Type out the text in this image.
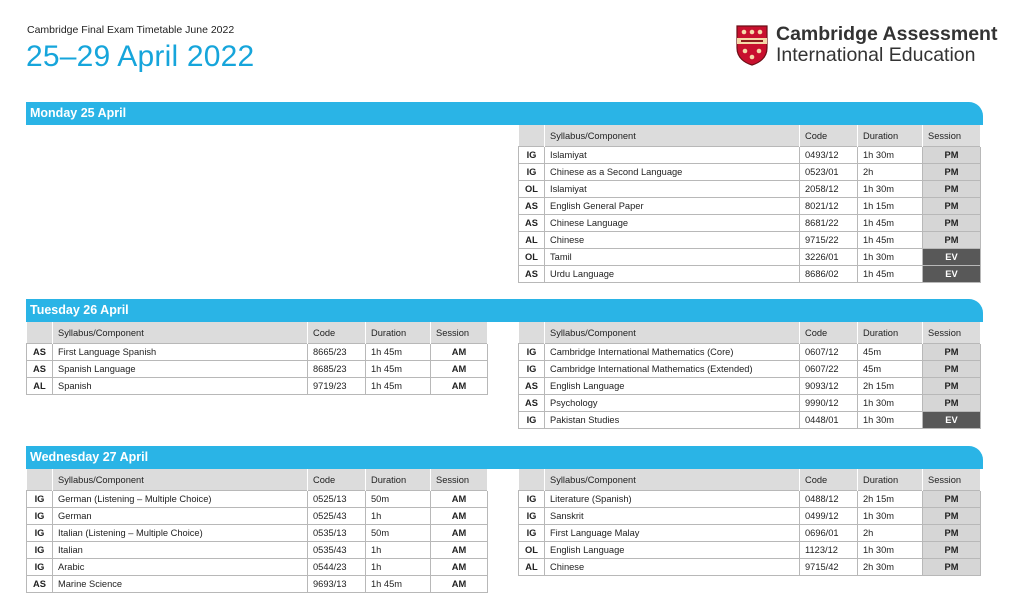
Cambridge Final Exam Timetable June 2022
25–29 April 2022
Cambridge Assessment
International Education
Monday 25 April
	Syllabus/Component	Code	Duration	Session
IG	Islamiyat	0493/12	1h 30m	PM
IG	Chinese as a Second Language	0523/01	2h	PM
OL	Islamiyat	2058/12	1h 30m	PM
AS	English General Paper	8021/12	1h 15m	PM
AS	Chinese Language	8681/22	1h 45m	PM
AL	Chinese	9715/22	1h 45m	PM
OL	Tamil	3226/01	1h 30m	EV
AS	Urdu Language	8686/02	1h 45m	EV
Tuesday 26 April
	Syllabus/Component	Code	Duration	Session
AS	First Language Spanish	8665/23	1h 45m	AM
AS	Spanish Language	8685/23	1h 45m	AM
AL	Spanish	9719/23	1h 45m	AM
	Syllabus/Component	Code	Duration	Session
IG	Cambridge International Mathematics (Core)	0607/12	45m	PM
IG	Cambridge International Mathematics (Extended)	0607/22	45m	PM
AS	English Language	9093/12	2h 15m	PM
AS	Psychology	9990/12	1h 30m	PM
IG	Pakistan Studies	0448/01	1h 30m	EV
Wednesday 27 April
	Syllabus/Component	Code	Duration	Session
IG	German (Listening – Multiple Choice)	0525/13	50m	AM
IG	German	0525/43	1h	AM
IG	Italian (Listening – Multiple Choice)	0535/13	50m	AM
IG	Italian	0535/43	1h	AM
IG	Arabic	0544/23	1h	AM
AS	Marine Science	9693/13	1h 45m	AM
	Syllabus/Component	Code	Duration	Session
IG	Literature (Spanish)	0488/12	2h 15m	PM
IG	Sanskrit	0499/12	1h 30m	PM
IG	First Language Malay	0696/01	2h	PM
OL	English Language	1123/12	1h 30m	PM
AL	Chinese	9715/42	2h 30m	PM
